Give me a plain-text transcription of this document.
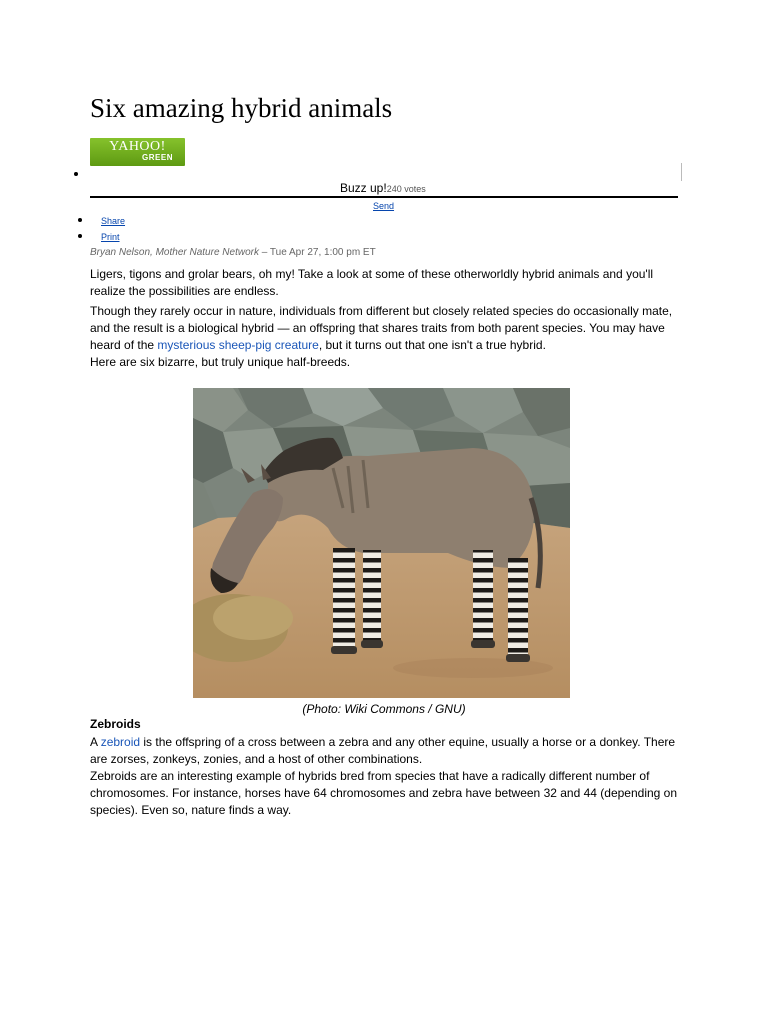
Six amazing hybrid animals
YAHOO!
GREEN
Buzz up!240 votes
Send
Share
Print
Bryan Nelson, Mother Nature Network – Tue Apr 27, 1:00 pm ET

Ligers, tigons and grolar bears, oh my! Take a look at some of these otherworldly hybrid animals and you'll realize the possibilities are endless.

Though they rarely occur in nature, individuals from different but closely related species do occasionally mate, and the result is a biological hybrid — an offspring that shares traits from both parent species. You may have heard of the mysterious sheep-pig creature, but it turns out that one isn't a true hybrid.

Here are six bizarre, but truly unique half-breeds.

(Photo: Wiki Commons / GNU)
Zebroids

A zebroid is the offspring of a cross between a zebra and any other equine, usually a horse or a donkey. There are zorses, zonkeys, zonies, and a host of other combinations.

Zebroids are an interesting example of hybrids bred from species that have a radically different number of chromosomes. For instance, horses have 64 chromosomes and zebra have between 32 and 44 (depending on species). Even so, nature finds a way.
